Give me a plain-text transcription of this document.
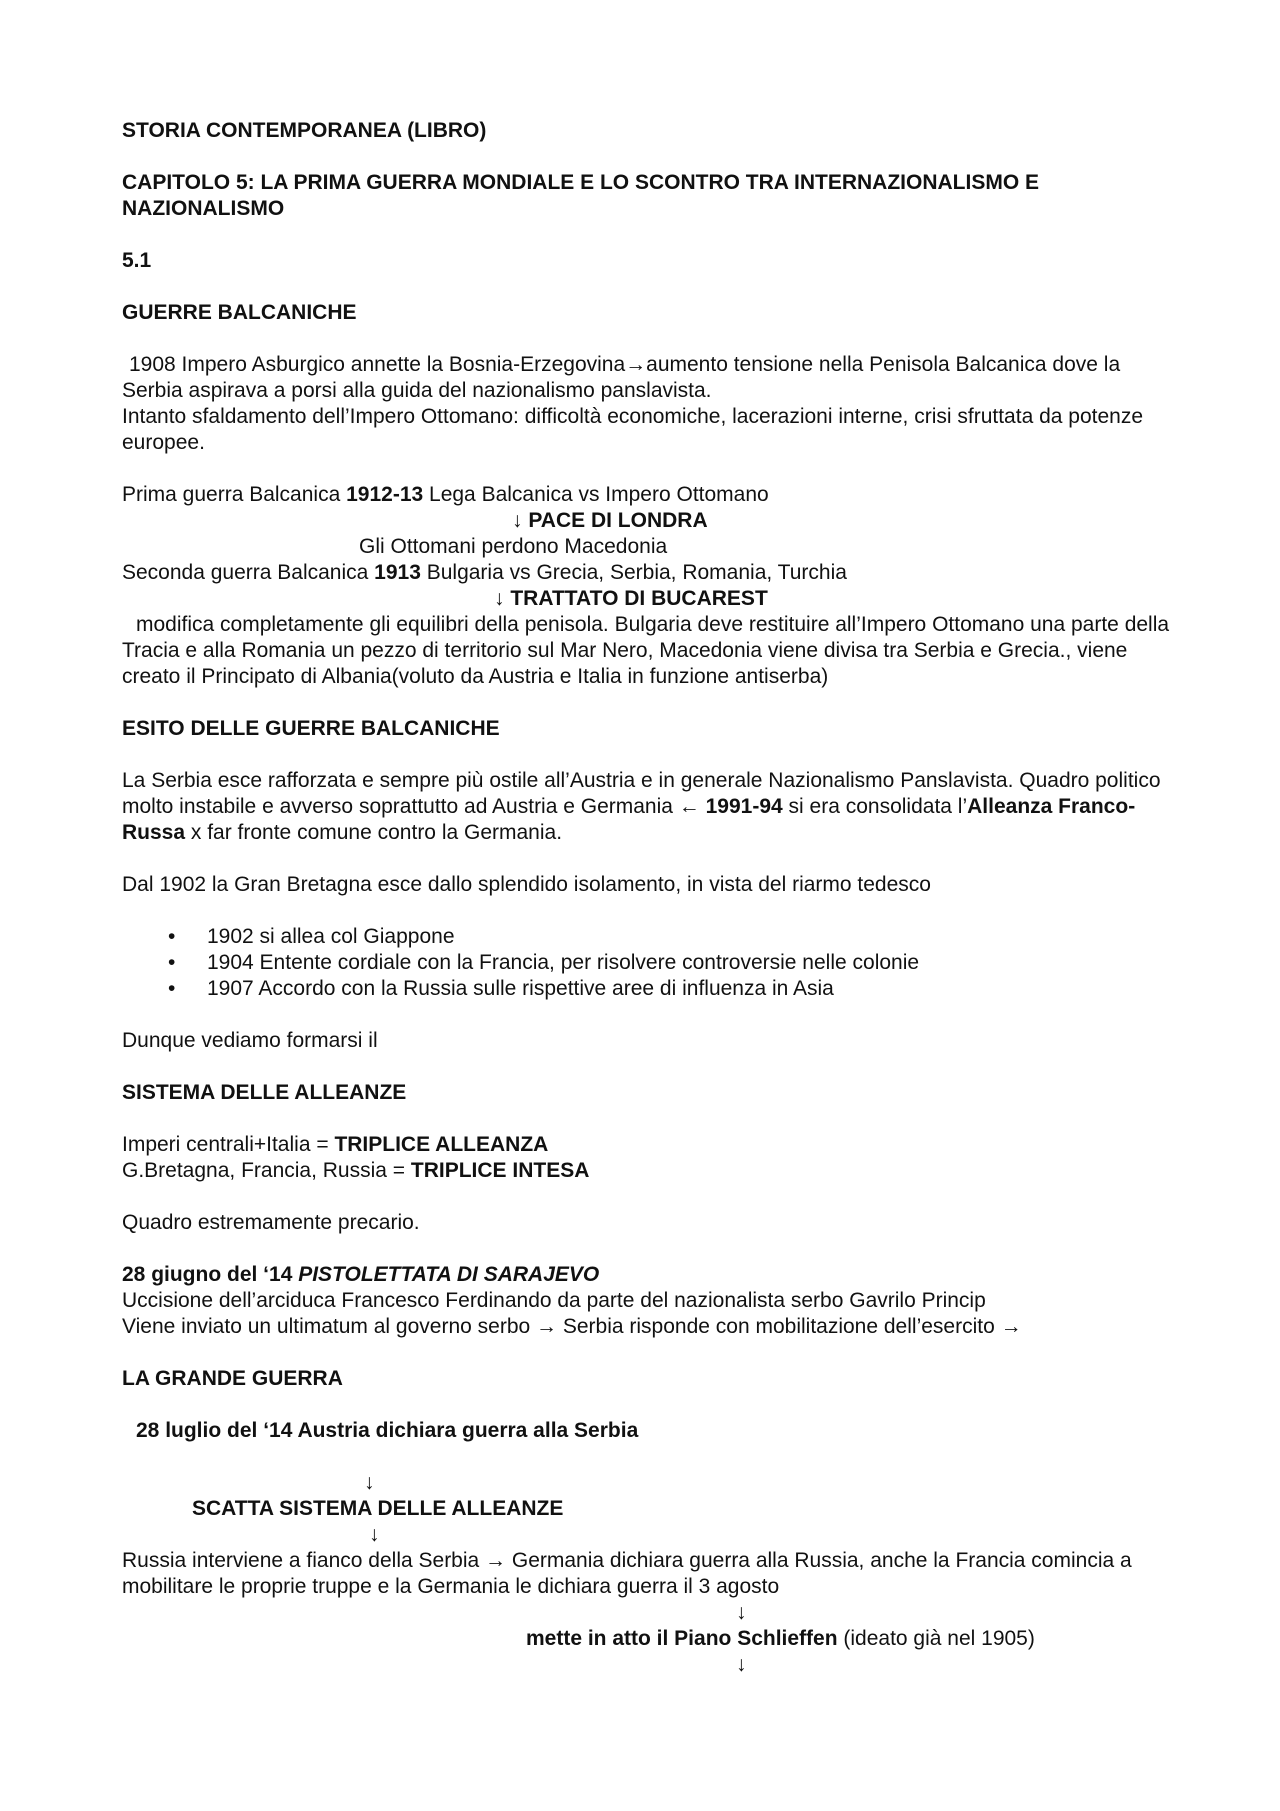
STORIA CONTEMPORANEA (LIBRO)

CAPITOLO 5: LA PRIMA GUERRA MONDIALE E LO SCONTRO TRA INTERNAZIONALISMO E NAZIONALISMO

5.1

GUERRE BALCANICHE

1908 Impero Asburgico annette la Bosnia-Erzegovina→aumento tensione nella Penisola Balcanica dove la Serbia aspirava a porsi alla guida del nazionalismo panslavista.

Intanto sfaldamento dell’Impero Ottomano: difficoltà economiche, lacerazioni interne, crisi sfruttata da potenze europee.

Prima guerra Balcanica 1912-13 Lega Balcanica vs Impero Ottomano

↓ PACE DI LONDRA

Gli Ottomani perdono Macedonia

Seconda guerra Balcanica 1913 Bulgaria vs Grecia, Serbia, Romania, Turchia

↓ TRATTATO DI BUCAREST

modifica completamente gli equilibri della penisola. Bulgaria deve restituire all’Impero Ottomano una parte della Tracia e alla Romania un pezzo di territorio sul Mar Nero, Macedonia viene divisa tra Serbia e Grecia., viene creato il Principato di Albania(voluto da Austria e Italia in funzione antiserba)

ESITO DELLE GUERRE BALCANICHE

La Serbia esce rafforzata e sempre più ostile all’Austria e in generale Nazionalismo Panslavista. Quadro politico molto instabile e avverso soprattutto ad Austria e Germania ← 1991-94 si era consolidata l’Alleanza Franco-Russa x far fronte comune contro la Germania.

Dal 1902 la Gran Bretagna esce dallo splendido isolamento, in vista del riarmo tedesco

• 1902 si allea col Giappone
• 1904 Entente cordiale con la Francia, per risolvere controversie nelle colonie
• 1907 Accordo con la Russia sulle rispettive aree di influenza in Asia

Dunque vediamo formarsi il

SISTEMA DELLE ALLEANZE

Imperi centrali+Italia = TRIPLICE ALLEANZA

G.Bretagna, Francia, Russia = TRIPLICE INTESA

Quadro estremamente precario.

28 giugno del ‘14 PISTOLETTATA DI SARAJEVO

Uccisione dell’arciduca Francesco Ferdinando da parte del nazionalista serbo Gavrilo Princip

Viene inviato un ultimatum al governo serbo → Serbia risponde con mobilitazione dell’esercito →

LA GRANDE GUERRA

28 luglio del ‘14 Austria dichiara guerra alla Serbia

↓

SCATTA SISTEMA DELLE ALLEANZE

↓

Russia interviene a fianco della Serbia → Germania dichiara guerra alla Russia, anche la Francia comincia a mobilitare le proprie truppe e la Germania le dichiara guerra il 3 agosto

↓

mette in atto il Piano Schlieffen (ideato già nel 1905)

↓
